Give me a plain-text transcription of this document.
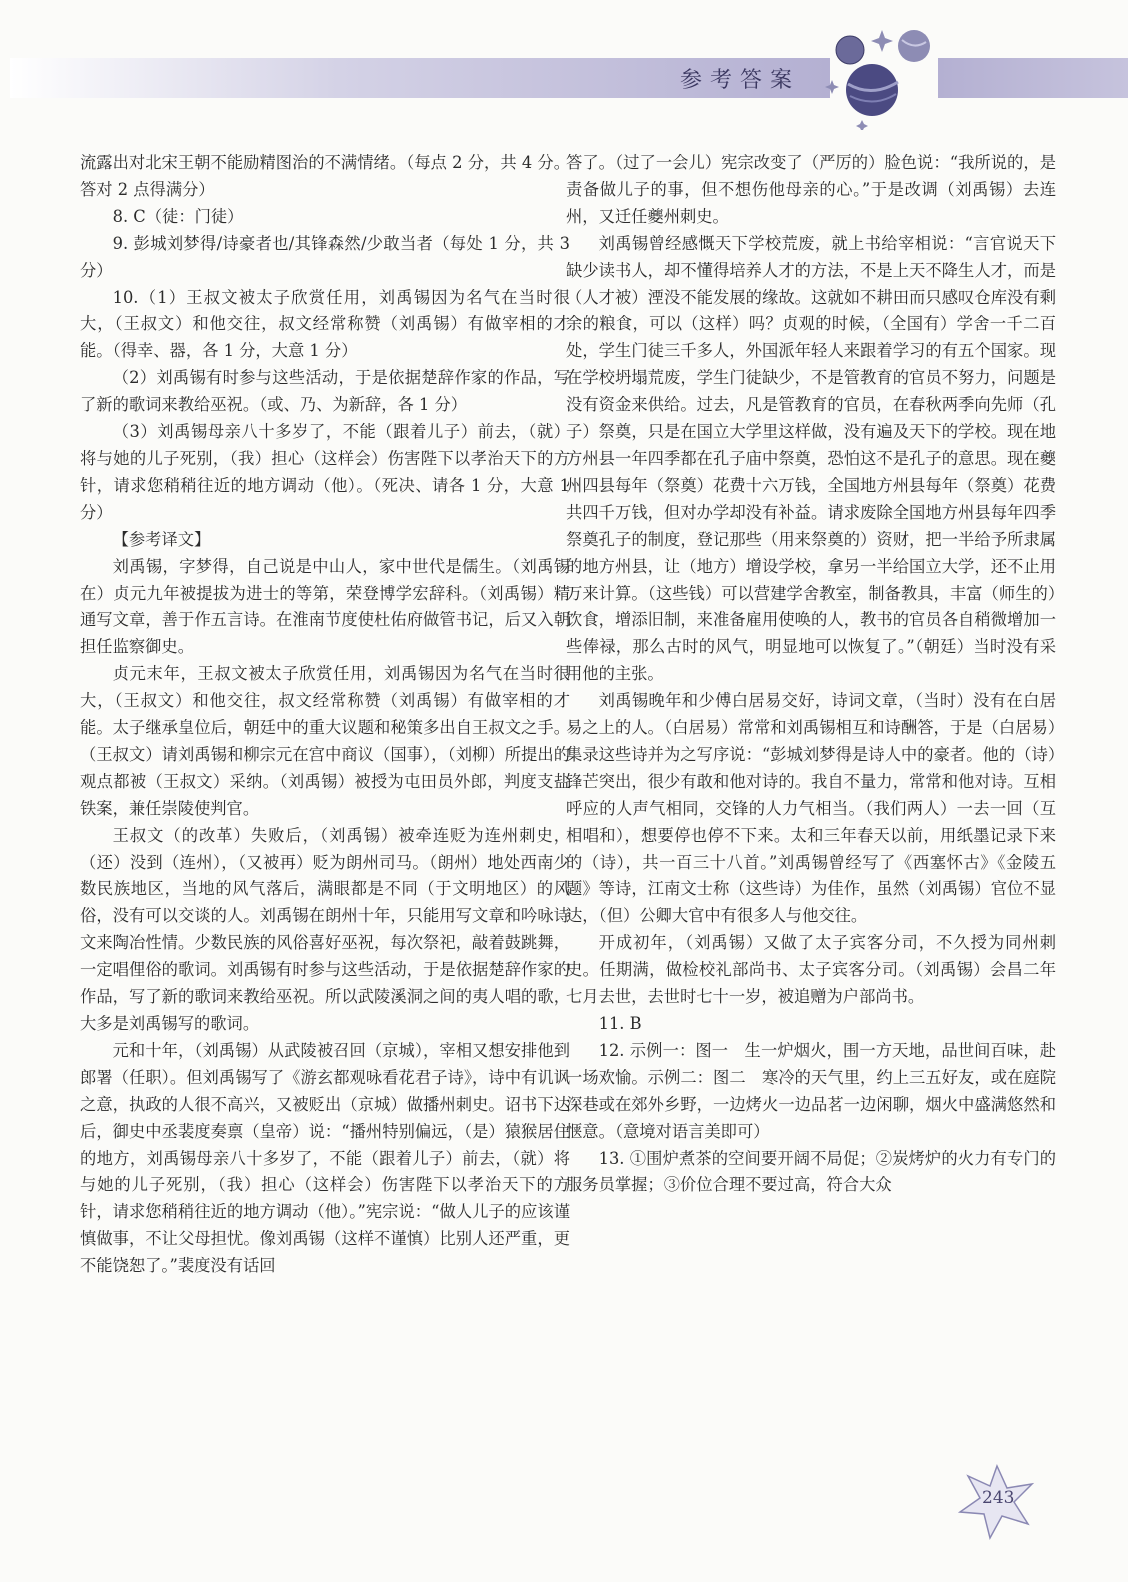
参考答案

流露出对北宋王朝不能励精图治的不满情绪。（每点 2 分，共 4 分。答对 2 点得满分）

8. C（徒：门徒）

9. 彭城刘梦得/诗豪者也/其锋森然/少敢当者（每处 1 分，共 3 分）

10.（1）王叔文被太子欣赏任用，刘禹锡因为名气在当时很大，（王叔文）和他交往，叔文经常称赞（刘禹锡）有做宰相的才能。（得幸、器，各 1 分，大意 1 分）

（2）刘禹锡有时参与这些活动，于是依据楚辞作家的作品，写了新的歌词来教给巫祝。（或、乃、为新辞，各 1 分）

（3）刘禹锡母亲八十多岁了，不能（跟着儿子）前去，（就）将与她的儿子死别，（我）担心（这样会）伤害陛下以孝治天下的方针，请求您稍稍往近的地方调动（他）。（死决、请各 1 分，大意 1 分）

【参考译文】

刘禹锡，字梦得，自己说是中山人，家中世代是儒生。（刘禹锡在）贞元九年被提拔为进士的等第，荣登博学宏辞科。（刘禹锡）精通写文章，善于作五言诗。在淮南节度使杜佑府做管书记，后又入朝担任监察御史。

贞元末年，王叔文被太子欣赏任用，刘禹锡因为名气在当时很大，（王叔文）和他交往，叔文经常称赞（刘禹锡）有做宰相的才能。太子继承皇位后，朝廷中的重大议题和秘策多出自王叔文之手。（王叔文）请刘禹锡和柳宗元在宫中商议（国事），（刘柳）所提出的观点都被（王叔文）采纳。（刘禹锡）被授为屯田员外郎，判度支盐铁案，兼任崇陵使判官。

王叔文（的改革）失败后，（刘禹锡）被牵连贬为连州刺史，（还）没到（连州），（又被再）贬为朗州司马。（朗州）地处西南少数民族地区，当地的风气落后，满眼都是不同（于文明地区）的风俗，没有可以交谈的人。刘禹锡在朗州十年，只能用写文章和吟咏诗文来陶冶性情。少数民族的风俗喜好巫祝，每次祭祀，敲着鼓跳舞，一定唱俚俗的歌词。刘禹锡有时参与这些活动，于是依据楚辞作家的作品，写了新的歌词来教给巫祝。所以武陵溪洞之间的夷人唱的歌，大多是刘禹锡写的歌词。

元和十年，（刘禹锡）从武陵被召回（京城），宰相又想安排他到郎署（任职）。但刘禹锡写了《游玄都观咏看花君子诗》，诗中有讥讽之意，执政的人很不高兴，又被贬出（京城）做播州刺史。诏书下达后，御史中丞裴度奏禀（皇帝）说：“播州特别偏远，（是）猿猴居住的地方，刘禹锡母亲八十多岁了，不能（跟着儿子）前去，（就）将与她的儿子死别，（我）担心（这样会）伤害陛下以孝治天下的方针，请求您稍稍往近的地方调动（他）。”宪宗说：“做人儿子的应该谨慎做事，不让父母担忧。像刘禹锡（这样不谨慎）比别人还严重，更不能饶恕了。”裴度没有话回

答了。（过了一会儿）宪宗改变了（严厉的）脸色说：“我所说的，是责备做儿子的事，但不想伤他母亲的心。”于是改调（刘禹锡）去连州，又迁任夔州刺史。

刘禹锡曾经感慨天下学校荒废，就上书给宰相说：“言官说天下缺少读书人，却不懂得培养人才的方法，不是上天不降生人才，而是（人才被）湮没不能发展的缘故。这就如不耕田而只感叹仓库没有剩余的粮食，可以（这样）吗？贞观的时候，（全国有）学舍一千二百处，学生门徒三千多人，外国派年轻人来跟着学习的有五个国家。现在学校坍塌荒废，学生门徒缺少，不是管教育的官员不努力，问题是没有资金来供给。过去，凡是管教育的官员，在春秋两季向先师（孔子）祭奠，只是在国立大学里这样做，没有遍及天下的学校。现在地方州县一年四季都在孔子庙中祭奠，恐怕这不是孔子的意思。现在夔州四县每年（祭奠）花费十六万钱，全国地方州县每年（祭奠）花费共四千万钱，但对办学却没有补益。请求废除全国地方州县每年四季祭奠孔子的制度，登记那些（用来祭奠的）资财，把一半给予所隶属的地方州县，让（地方）增设学校，拿另一半给国立大学，还不止用万来计算。（这些钱）可以营建学舍教室，制备教具，丰富（师生的）饮食，增添旧制，来准备雇用使唤的人，教书的官员各自稍微增加一些俸禄，那么古时的风气，明显地可以恢复了。”（朝廷）当时没有采用他的主张。

刘禹锡晚年和少傅白居易交好，诗词文章，（当时）没有在白居易之上的人。（白居易）常常和刘禹锡相互和诗酬答，于是（白居易）集录这些诗并为之写序说：“彭城刘梦得是诗人中的豪者。他的（诗）锋芒突出，很少有敢和他对诗的。我自不量力，常常和他对诗。互相呼应的人声气相同，交锋的人力气相当。（我们两人）一去一回（互相唱和），想要停也停不下来。太和三年春天以前，用纸墨记录下来的（诗），共一百三十八首。”刘禹锡曾经写了《西塞怀古》《金陵五题》等诗，江南文士称（这些诗）为佳作，虽然（刘禹锡）官位不显达，（但）公卿大官中有很多人与他交往。

开成初年，（刘禹锡）又做了太子宾客分司，不久授为同州刺史。任期满，做检校礼部尚书、太子宾客分司。（刘禹锡）会昌二年七月去世，去世时七十一岁，被追赠为户部尚书。

11. B

12. 示例一：图一　生一炉烟火，围一方天地，品世间百味，赴一场欢愉。示例二：图二　寒冷的天气里，约上三五好友，或在庭院深巷或在郊外乡野，一边烤火一边品茗一边闲聊，烟火中盛满悠然和惬意。（意境对语言美即可）

13. ①围炉煮茶的空间要开阔不局促；②炭烤炉的火力有专门的服务员掌握；③价位合理不要过高，符合大众

243
